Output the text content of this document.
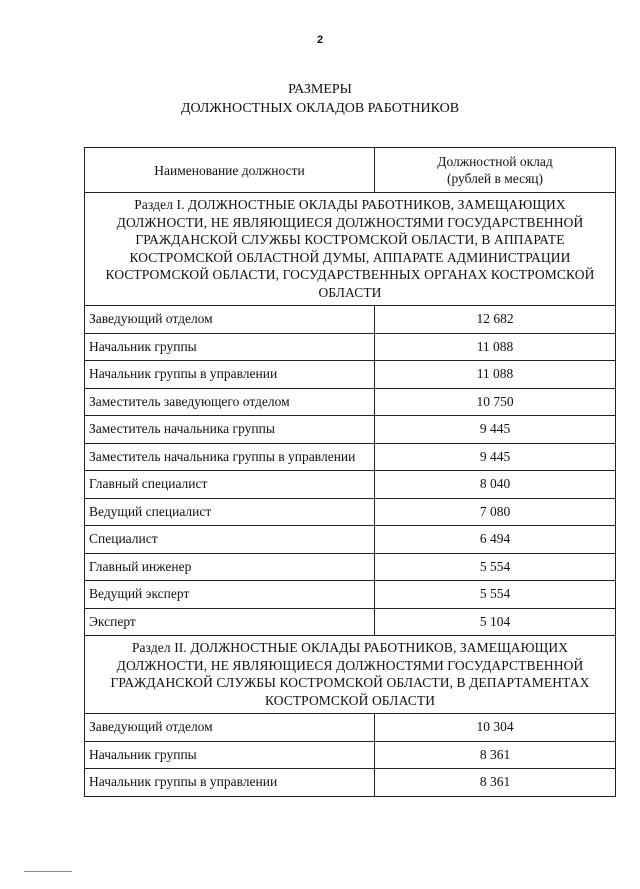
2
РАЗМЕРЫ
ДОЛЖНОСТНЫХ ОКЛАДОВ РАБОТНИКОВ
Наименование должности	Должностной оклад
(рублей в месяц)

Раздел I. ДОЛЖНОСТНЫЕ ОКЛАДЫ РАБОТНИКОВ, ЗАМЕЩАЮЩИХ ДОЛЖНОСТИ, НЕ ЯВЛЯЮЩИЕСЯ ДОЛЖНОСТЯМИ ГОСУДАРСТВЕННОЙ ГРАЖДАНСКОЙ СЛУЖБЫ КОСТРОМСКОЙ ОБЛАСТИ, В АППАРАТЕ КОСТРОМСКОЙ ОБЛАСТНОЙ ДУМЫ, АППАРАТЕ АДМИНИСТРАЦИИ КОСТРОМСКОЙ ОБЛАСТИ, ГОСУДАРСТВЕННЫХ ОРГАНАХ КОСТРОМСКОЙ ОБЛАСТИ	
Заведующий отделом	12 682
Начальник группы	11 088
Начальник группы в управлении	11 088
Заместитель заведующего отделом	10 750
Заместитель начальника группы	9 445
Заместитель начальника группы в управлении	9 445
Главный специалист	8 040
Ведущий специалист	7 080
Специалист	6 494
Главный инженер	5 554
Ведущий эксперт	5 554
Эксперт	5 104
Раздел II. ДОЛЖНОСТНЫЕ ОКЛАДЫ РАБОТНИКОВ, ЗАМЕЩАЮЩИХ ДОЛЖНОСТИ, НЕ ЯВЛЯЮЩИЕСЯ ДОЛЖНОСТЯМИ ГОСУДАРСТВЕННОЙ ГРАЖДАНСКОЙ СЛУЖБЫ КОСТРОМСКОЙ ОБЛАСТИ, В ДЕПАРТАМЕНТАХ КОСТРОМСКОЙ ОБЛАСТИ	
Заведующий отделом	10 304
Начальник группы	8 361
Начальник группы в управлении	8 361
